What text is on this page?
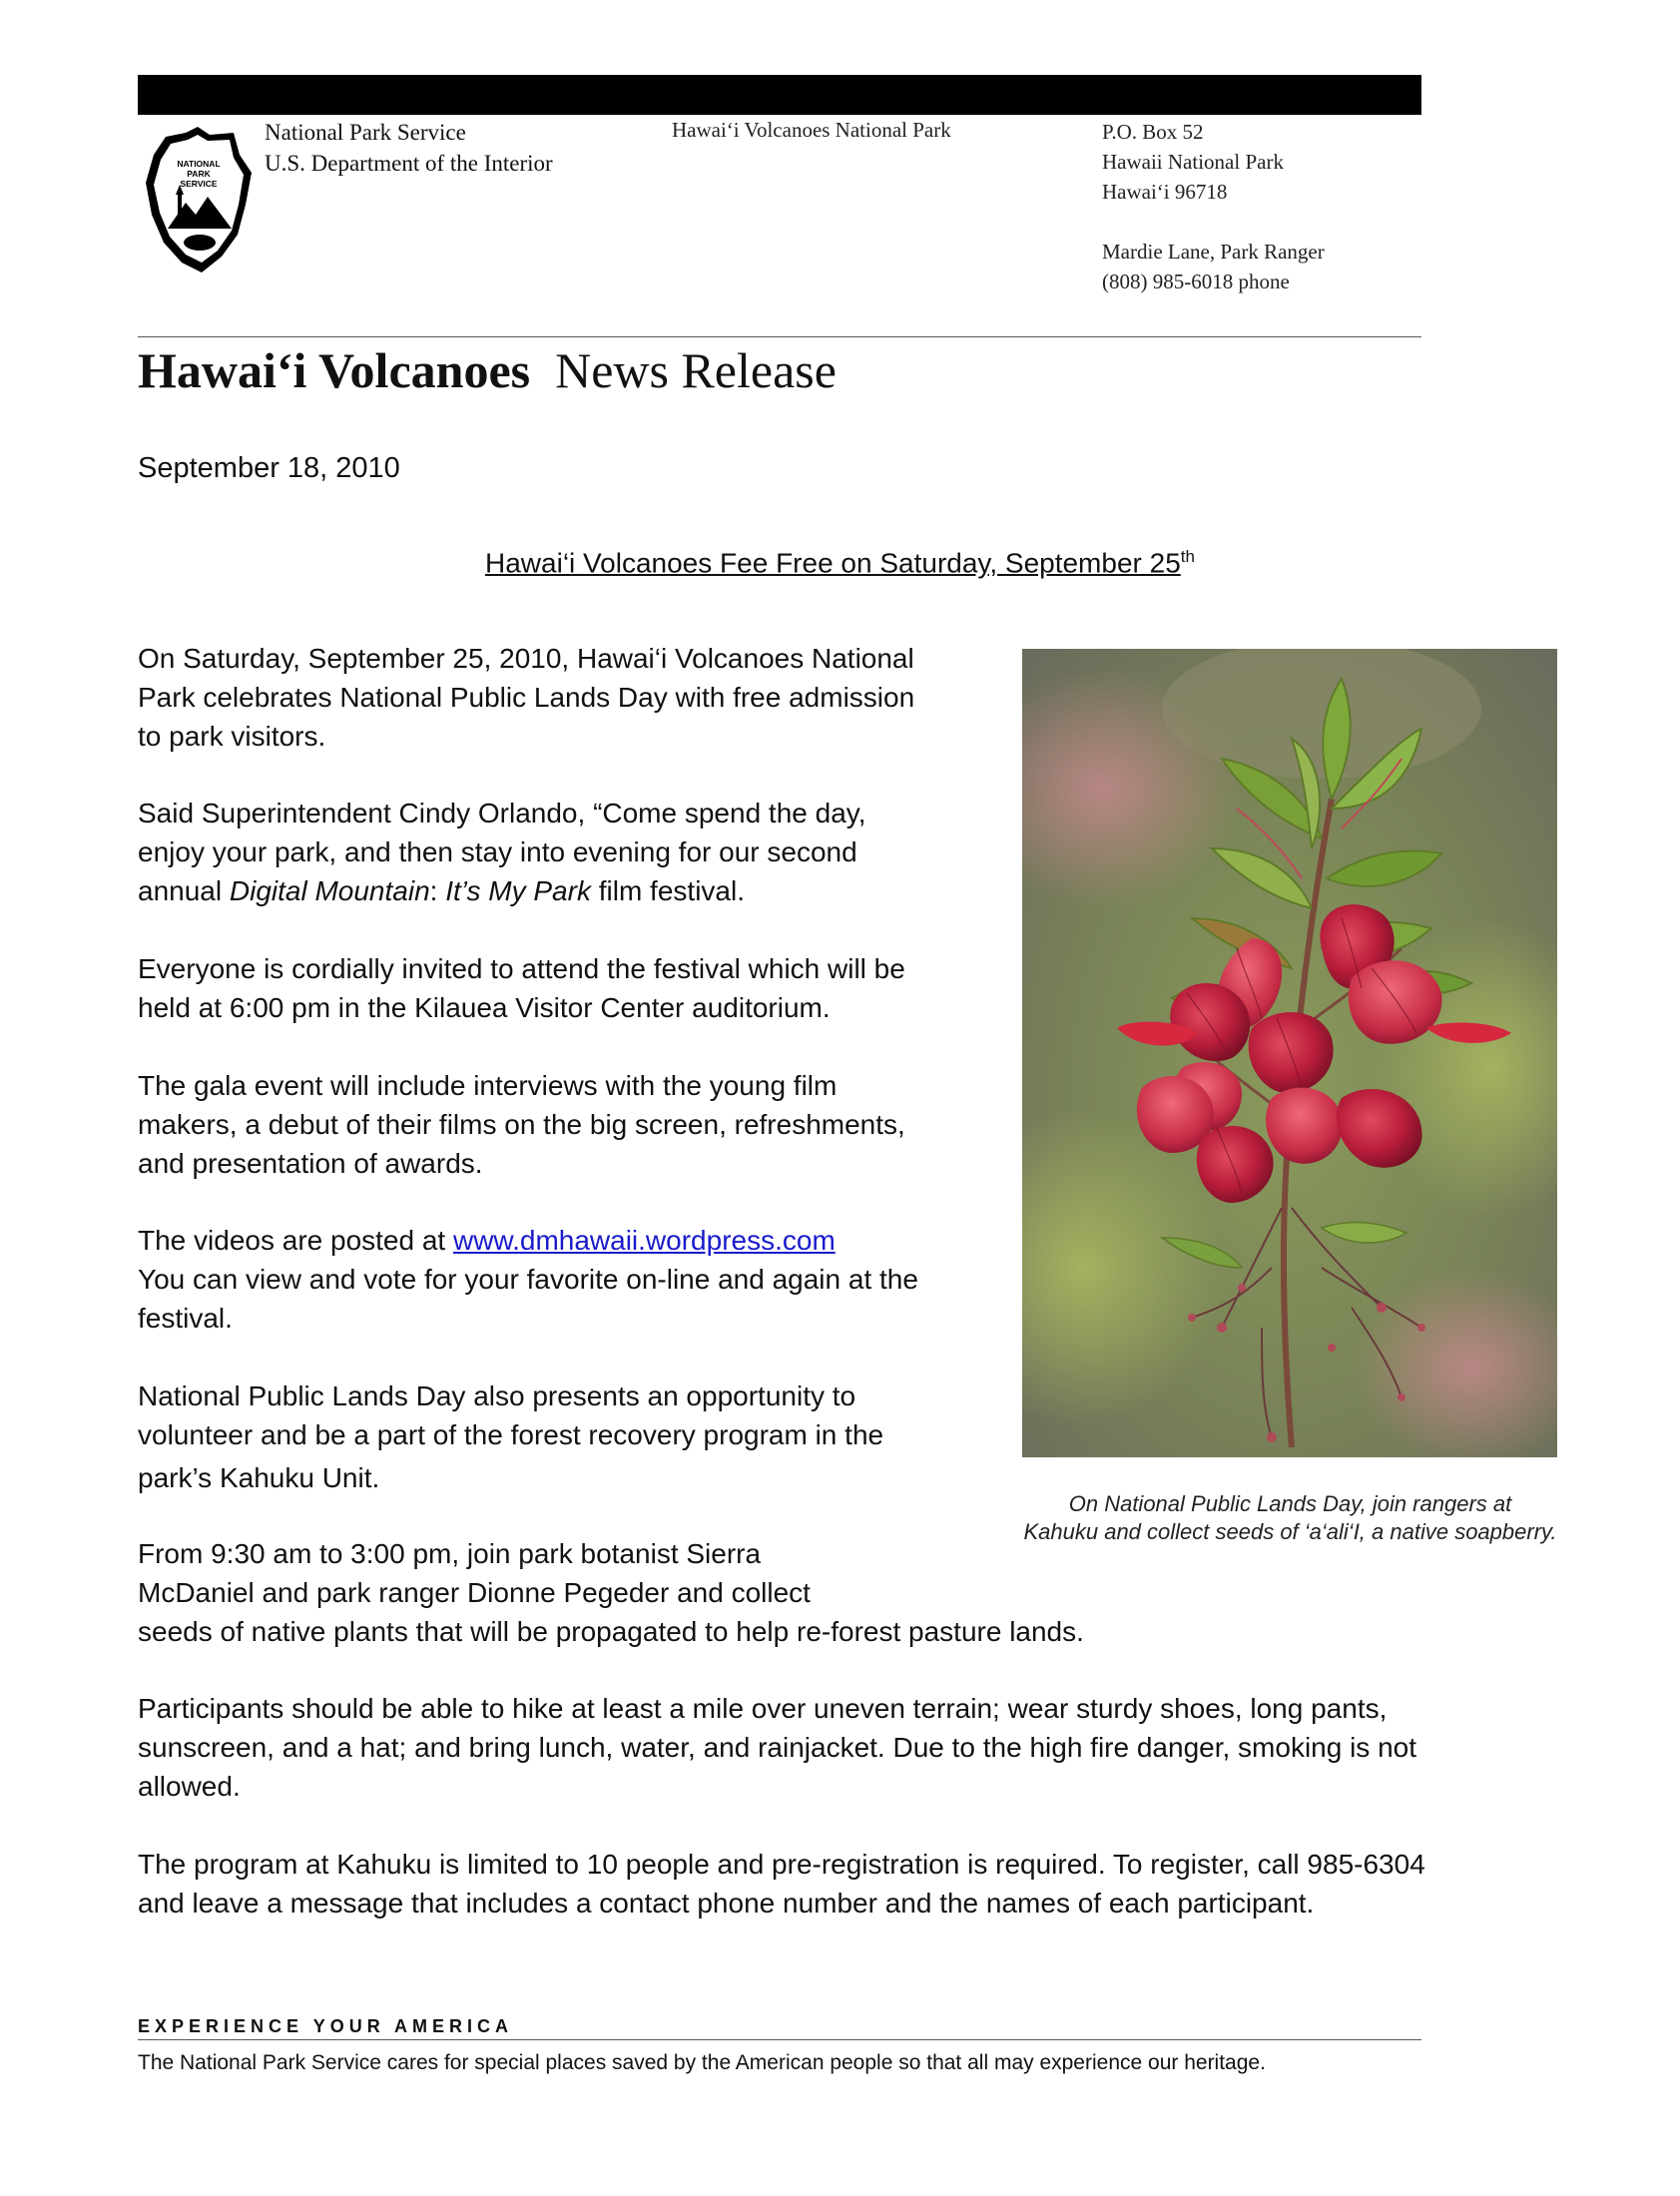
NATIONAL
PARK
SERVICE
National Park Service
U.S. Department of the Interior
Hawai‘i Volcanoes National Park	P.O. Box 52
Hawaii National Park
Hawai‘i 96718
Mardie Lane, Park Ranger
(808) 985-6018 phone
Hawai‘i Volcanoes News Release
September 18, 2010
Hawai‘i Volcanoes Fee Free on Saturday, September 25th
On Saturday, September 25, 2010, Hawai‘i Volcanoes National
Park celebrates National Public Lands Day with free admission
to park visitors.
Said Superintendent Cindy Orlando, “Come spend the day,
enjoy your park, and then stay into evening for our second
annual Digital Mountain: It’s My Park film festival.
Everyone is cordially invited to attend the festival which will be
held at 6:00 pm in the Kilauea Visitor Center auditorium.
The gala event will include interviews with the young film
makers, a debut of their films on the big screen, refreshments,
and presentation of awards.
The videos are posted at www.dmhawaii.wordpress.com
You can view and vote for your favorite on-line and again at the
festival.
National Public Lands Day also presents an opportunity to
volunteer and be a part of the forest recovery program in the
park’s Kahuku Unit.
From 9:30 am to 3:00 pm, join park botanist Sierra
McDaniel and park ranger Dionne Pegeder and collect
seeds of native plants that will be propagated to help re-forest pasture lands.
Participants should be able to hike at least a mile over uneven terrain; wear sturdy shoes, long pants,
sunscreen, and a hat; and bring lunch, water, and rainjacket. Due to the high fire danger, smoking is not
allowed.
The program at Kahuku is limited to 10 people and pre-registration is required. To register, call 985-6304
and leave a message that includes a contact phone number and the names of each participant.
On National Public Lands Day, join rangers at
Kahuku and collect seeds of ‘a‘ali‘I, a native soapberry.
EXPERIENCE YOUR AMERICA
The National Park Service cares for special places saved by the American people so that all may experience our heritage.
